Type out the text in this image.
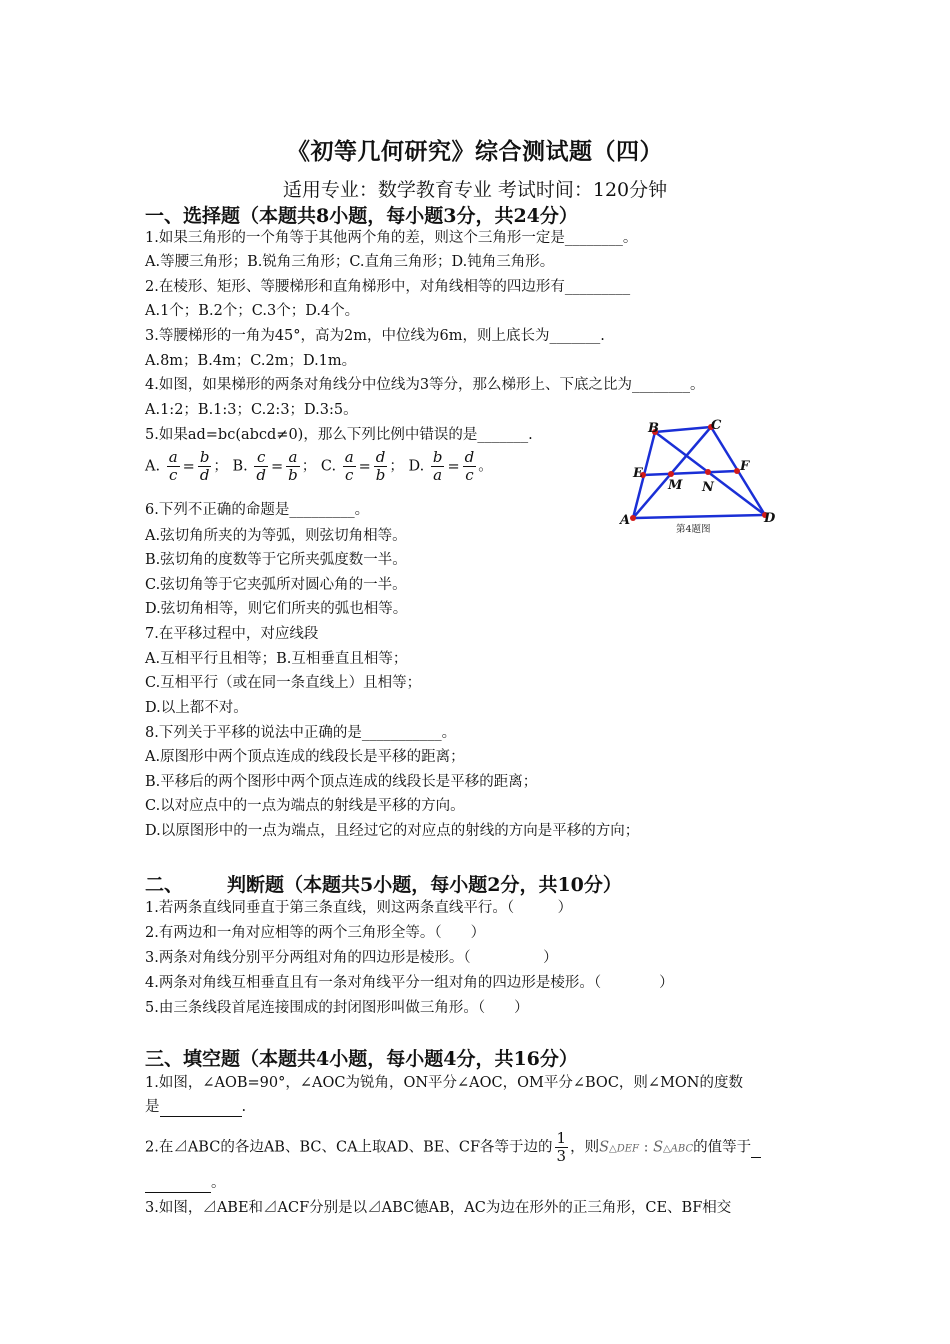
《初等几何研究》综合测试题（四）
适用专业：数学教育专业 考试时间：120分钟
一、选择题（本题共8小题，每小题3分，共24分）
1.如果三角形的一个角等于其他两个角的差，则这个三角形一定是________。
A.等腰三角形；B.锐角三角形；C.直角三角形；D.钝角三角形。
2.在棱形、矩形、等腰梯形和直角梯形中，对角线相等的四边形有_________
A.1个；B.2个；C.3个；D.4个。
3.等腰梯形的一角为45°，高为2m，中位线为6m，则上底长为_______.
A.8m；B.4m；C.2m；D.1m。
4.如图，如果梯形的两条对角线分中位线为3等分，那么梯形上、下底之比为________。
A.1:2；B.1:3；C.2:3；D.3:5。
5.如果ad=bc(abcd≠0)，那么下列比例中错误的是_______.
A. $\frac{a}{c} = \frac{b}{d}$ ； B. $\frac{c}{d} = \frac{a}{b}$ ； C. $\frac{a}{c} = \frac{d}{b}$ ； D. $\frac{b}{a} = \frac{d}{c}$ 。
6.下列不正确的命题是_________。
A.弦切角所夹的为等弧，则弦切角相等。
B.弦切角的度数等于它所夹弧度数一半。
C.弦切角等于它夹弧所对圆心角的一半。
D.弦切角相等，则它们所夹的弧也相等。
7.在平移过程中，对应线段
A.互相平行且相等；B.互相垂直且相等；
C.互相平行（或在同一条直线上）且相等；
D.以上都不对。
8.下列关于平移的说法中正确的是___________。
A.原图形中两个顶点连成的线段长是平移的距离；
B.平移后的两个图形中两个顶点连成的线段长是平移的距离；
C.以对应点中的一点为端点的射线是平移的方向。
D.以原图形中的一点为端点，且经过它的对应点的射线的方向是平移的方向；
二、 判断题（本题共5小题，每小题2分，共10分）
1.若两条直线同垂直于第三条直线，则这两条直线平行。（　　　）
2.有两边和一角对应相等的两个三角形全等。（　　）
3.两条对角线分别平分两组对角的四边形是棱形。（　　　　　）
4.两条对角线互相垂直且有一条对角线平分一组对角的四边形是棱形。（　　　　）
5.由三条线段首尾连接围成的封闭图形叫做三角形。（　　）
三、填空题（本题共4小题，每小题4分，共16分）
1.如图，∠AOB=90°，∠AOC为锐角，ON平分∠AOC，OM平分∠BOC，则∠MON的度数
是	.
2.在⊿ABC的各边AB、BC、CA上取AD、BE、CF各等于边的 $\frac{1}{3}$ ，则S△DEF : S△ABC的值等于
。
3.如图，⊿ABE和⊿ACF分别是以⊿ABC德AB，AC为边在形外的正三角形，CE、BF相交
A
B	C
D
E	F
M N
第4题图
